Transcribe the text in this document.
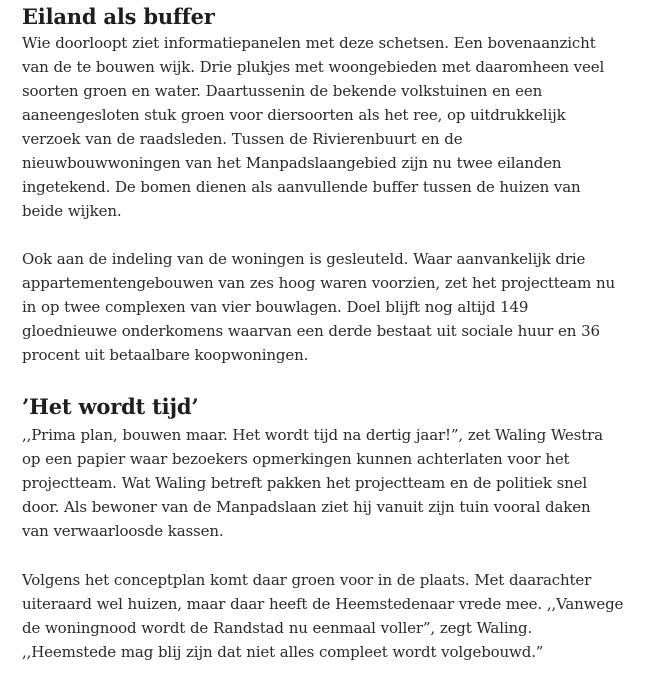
Eiland als buffer

Wie doorloopt ziet informatiepanelen met deze schetsen. Een bovenaanzicht
van de te bouwen wijk. Drie plukjes met woongebieden met daaromheen veel
soorten groen en water. Daartussenin de bekende volkstuinen en een
aaneengesloten stuk groen voor diersoorten als het ree, op uitdrukkelijk
verzoek van de raadsleden. Tussen de Rivierenbuurt en de
nieuwbouwwoningen van het Manpadslaangebied zijn nu twee eilanden
ingetekend. De bomen dienen als aanvullende buffer tussen de huizen van
beide wijken.

Ook aan de indeling van de woningen is gesleuteld. Waar aanvankelijk drie
appartementengebouwen van zes hoog waren voorzien, zet het projectteam nu
in op twee complexen van vier bouwlagen. Doel blijft nog altijd 149
gloednieuwe onderkomens waarvan een derde bestaat uit sociale huur en 36
procent uit betaalbare koopwoningen.

’Het wordt tijd’

,,Prima plan, bouwen maar. Het wordt tijd na dertig jaar!”, zet Waling Westra
op een papier waar bezoekers opmerkingen kunnen achterlaten voor het
projectteam. Wat Waling betreft pakken het projectteam en de politiek snel
door. Als bewoner van de Manpadslaan ziet hij vanuit zijn tuin vooral daken
van verwaarloosde kassen.

Volgens het conceptplan komt daar groen voor in de plaats. Met daarachter
uiteraard wel huizen, maar daar heeft de Heemstedenaar vrede mee. ,,Vanwege
de woningnood wordt de Randstad nu eenmaal voller”, zegt Waling.
,,Heemstede mag blij zijn dat niet alles compleet wordt volgebouwd.”
